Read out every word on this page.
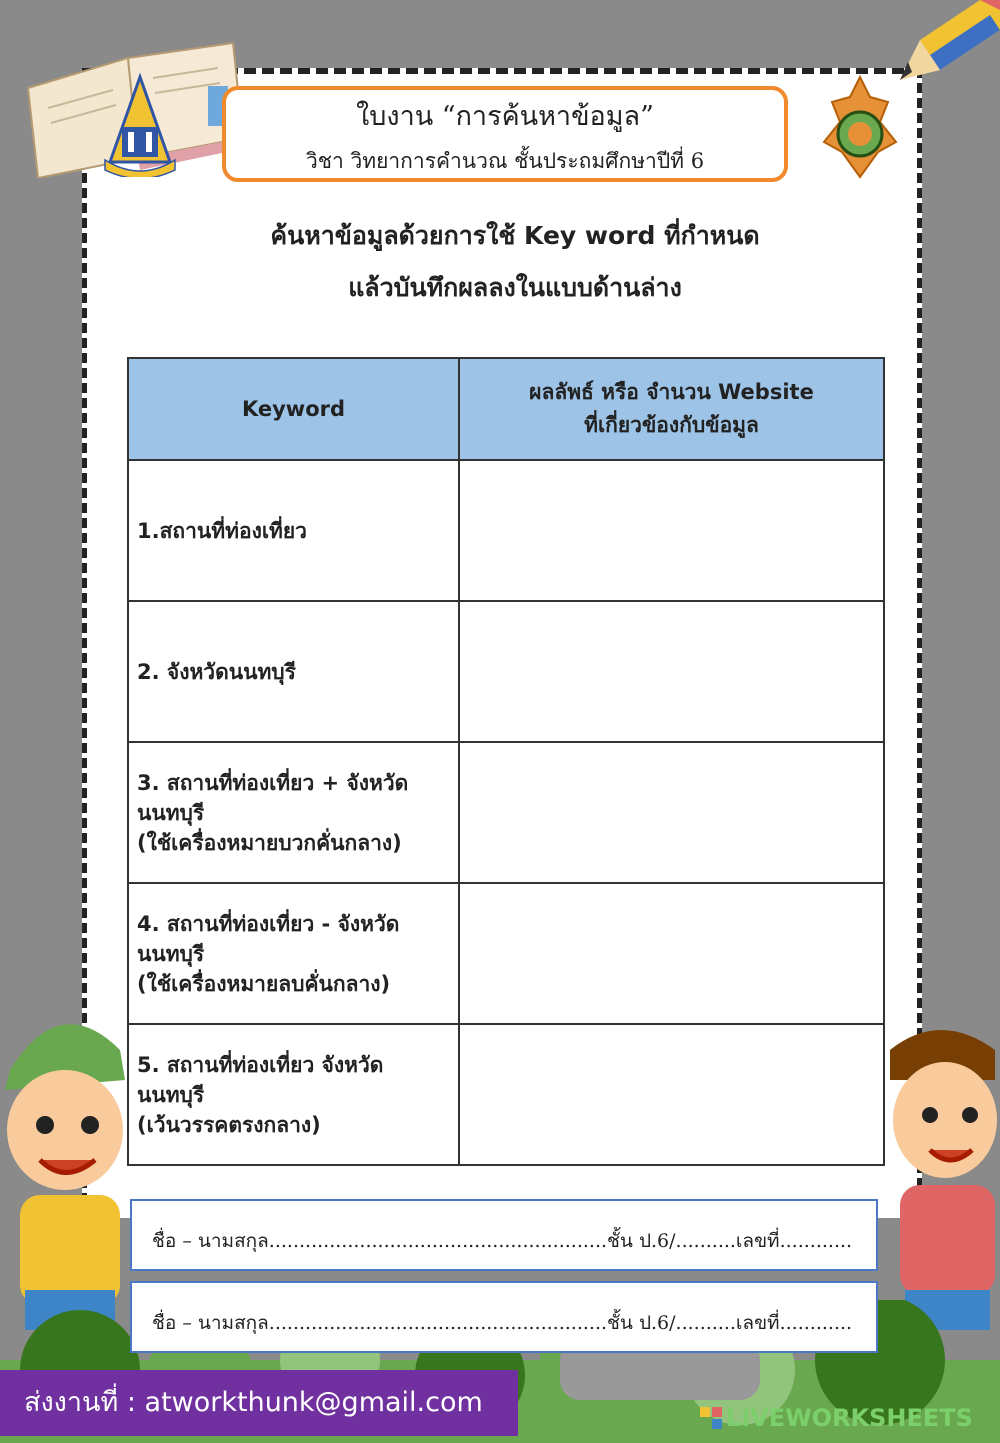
ใบงาน “การค้นหาข้อมูล”
วิชา วิทยาการคำนวณ ชั้นประถมศึกษาปีที่ 6
ค้นหาข้อมูลด้วยการใช้ Key word ที่กำหนด
แล้วบันทึกผลลงในแบบด้านล่าง
Keyword	ผลลัพธ์ หรือ จำนวน Website
ที่เกี่ยวข้องกับข้อมูล

1.สถานที่ท่องเที่ยว	

2. จังหวัดนนทบุรี	

3. สถานที่ท่องเที่ยว + จังหวัด
นนทบุรี
(ใช้เครื่องหมายบวกคั่นกลาง)	

4. สถานที่ท่องเที่ยว - จังหวัด
นนทบุรี
(ใช้เครื่องหมายลบคั่นกลาง)	

5. สถานที่ท่องเที่ยว จังหวัด
นนทบุรี
(เว้นวรรคตรงกลาง)	

ชื่อ – นามสกุล........................................................ชั้น ป.6/..........เลขที่............
ชื่อ – นามสกุล........................................................ชั้น ป.6/..........เลขที่............
ส่งงานที่ : atworkthunk@gmail.com	LIVEWORKSHEETS
